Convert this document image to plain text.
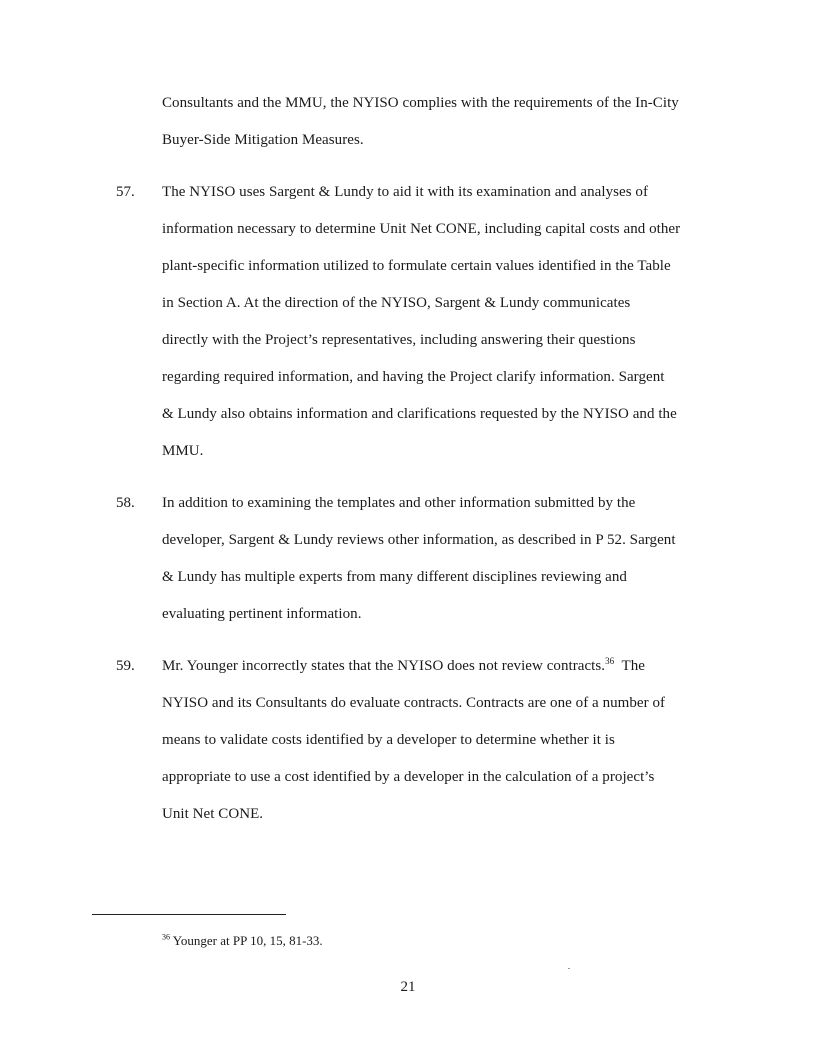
Consultants and the MMU, the NYISO complies with the requirements of the In-City
Buyer-Side Mitigation Measures.
57. The NYISO uses Sargent & Lundy to aid it with its examination and analyses of
information necessary to determine Unit Net CONE, including capital costs and other
plant-specific information utilized to formulate certain values identified in the Table
in Section A. At the direction of the NYISO, Sargent & Lundy communicates
directly with the Project’s representatives, including answering their questions
regarding required information, and having the Project clarify information. Sargent
& Lundy also obtains information and clarifications requested by the NYISO and the
MMU.
58. In addition to examining the templates and other information submitted by the
developer, Sargent & Lundy reviews other information, as described in P 52. Sargent
& Lundy has multiple experts from many different disciplines reviewing and
evaluating pertinent information.
59. Mr. Younger incorrectly states that the NYISO does not review contracts.$^{36}$  The
NYISO and its Consultants do evaluate contracts. Contracts are one of a number of
means to validate costs identified by a developer to determine whether it is
appropriate to use a cost identified by a developer in the calculation of a project’s
Unit Net CONE.
$^{36}$ Younger at PP 10, 15, 81-33.
21
